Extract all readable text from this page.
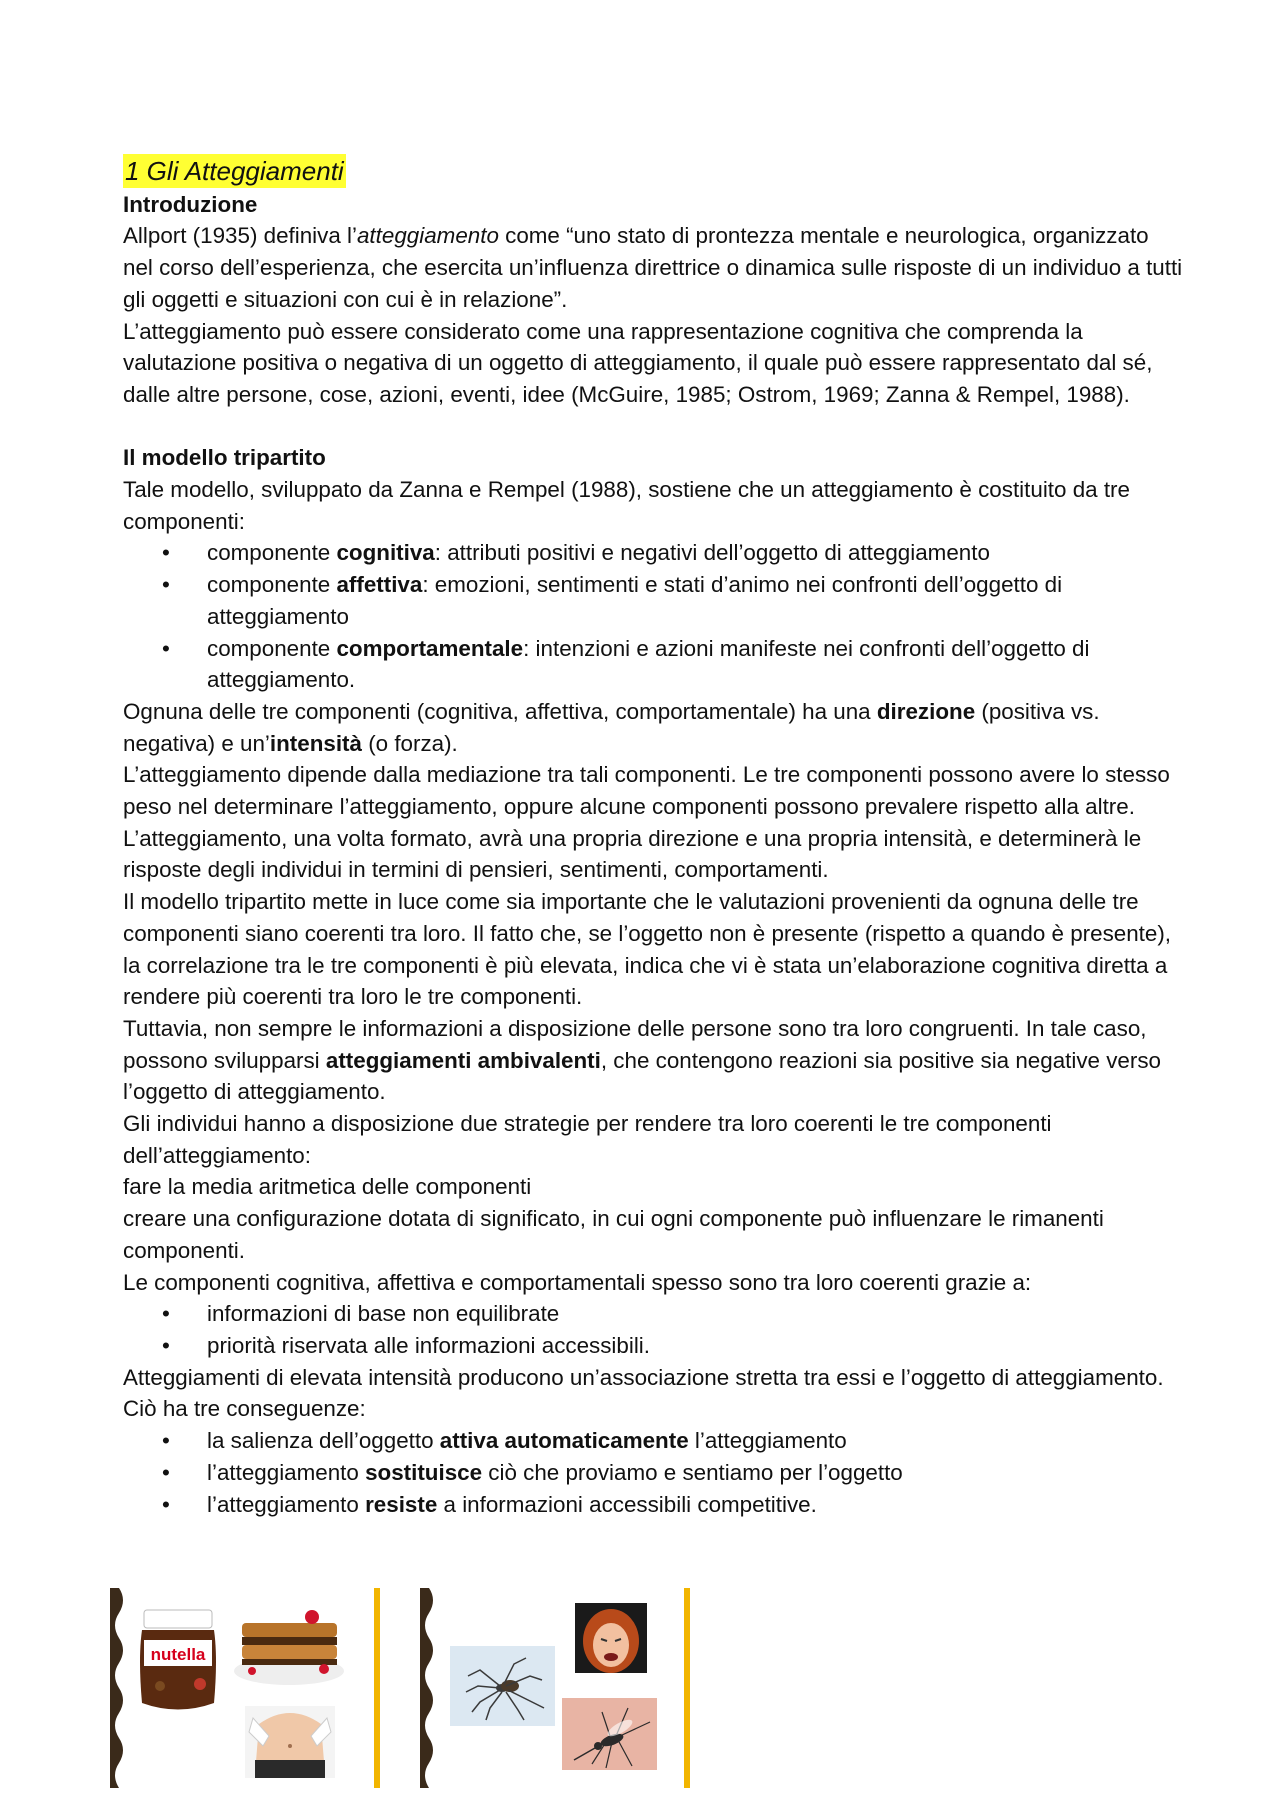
1 Gli Atteggiamenti

Introduzione

Allport (1935) definiva l’atteggiamento come “uno stato di prontezza mentale e neurologica, organizzato nel corso dell’esperienza, che esercita un’influenza direttrice o dinamica sulle risposte di un individuo a tutti gli oggetti e situazioni con cui è in relazione”.

L’atteggiamento può essere considerato come una rappresentazione cognitiva che comprenda la valutazione positiva o negativa di un oggetto di atteggiamento, il quale può essere rappresentato dal sé, dalle altre persone, cose, azioni, eventi, idee (McGuire, 1985; Ostrom, 1969; Zanna & Rempel, 1988).

Il modello tripartito

Tale modello, sviluppato da Zanna e Rempel (1988), sostiene che un atteggiamento è costituito da tre componenti:

• componente cognitiva: attributi positivi e negativi dell’oggetto di atteggiamento
• componente affettiva: emozioni, sentimenti e stati d’animo nei confronti dell’oggetto di atteggiamento
• componente comportamentale: intenzioni e azioni manifeste nei confronti dell’oggetto di atteggiamento.

Ognuna delle tre componenti (cognitiva, affettiva, comportamentale) ha una direzione (positiva vs. negativa) e un’intensità (o forza).

L’atteggiamento dipende dalla mediazione tra tali componenti. Le tre componenti possono avere lo stesso peso nel determinare l’atteggiamento, oppure alcune componenti possono prevalere rispetto alla altre.

L’atteggiamento, una volta formato, avrà una propria direzione e una propria intensità, e determinerà le risposte degli individui in termini di pensieri, sentimenti, comportamenti.

Il modello tripartito mette in luce come sia importante che le valutazioni provenienti da ognuna delle tre componenti siano coerenti tra loro. Il fatto che, se l’oggetto non è presente (rispetto a quando è presente), la correlazione tra le tre componenti è più elevata, indica che vi è stata un’elaborazione cognitiva diretta a rendere più coerenti tra loro le tre componenti.

Tuttavia, non sempre le informazioni a disposizione delle persone sono tra loro congruenti. In tale caso, possono svilupparsi atteggiamenti ambivalenti, che contengono reazioni sia positive sia negative verso l’oggetto di atteggiamento.

Gli individui hanno a disposizione due strategie per rendere tra loro coerenti le tre componenti dell’atteggiamento:

fare la media aritmetica delle componenti

creare una configurazione dotata di significato, in cui ogni componente può influenzare le rimanenti componenti.

Le componenti cognitiva, affettiva e comportamentali spesso sono tra loro coerenti grazie a:

• informazioni di base non equilibrate
• priorità riservata alle informazioni accessibili.

Atteggiamenti di elevata intensità producono un’associazione stretta tra essi e l’oggetto di atteggiamento. Ciò ha tre conseguenze:

• la salienza dell’oggetto attiva automaticamente l’atteggiamento
• l’atteggiamento sostituisce ciò che proviamo e sentiamo per l’oggetto
• l’atteggiamento resiste a informazioni accessibili competitive.
nutella
